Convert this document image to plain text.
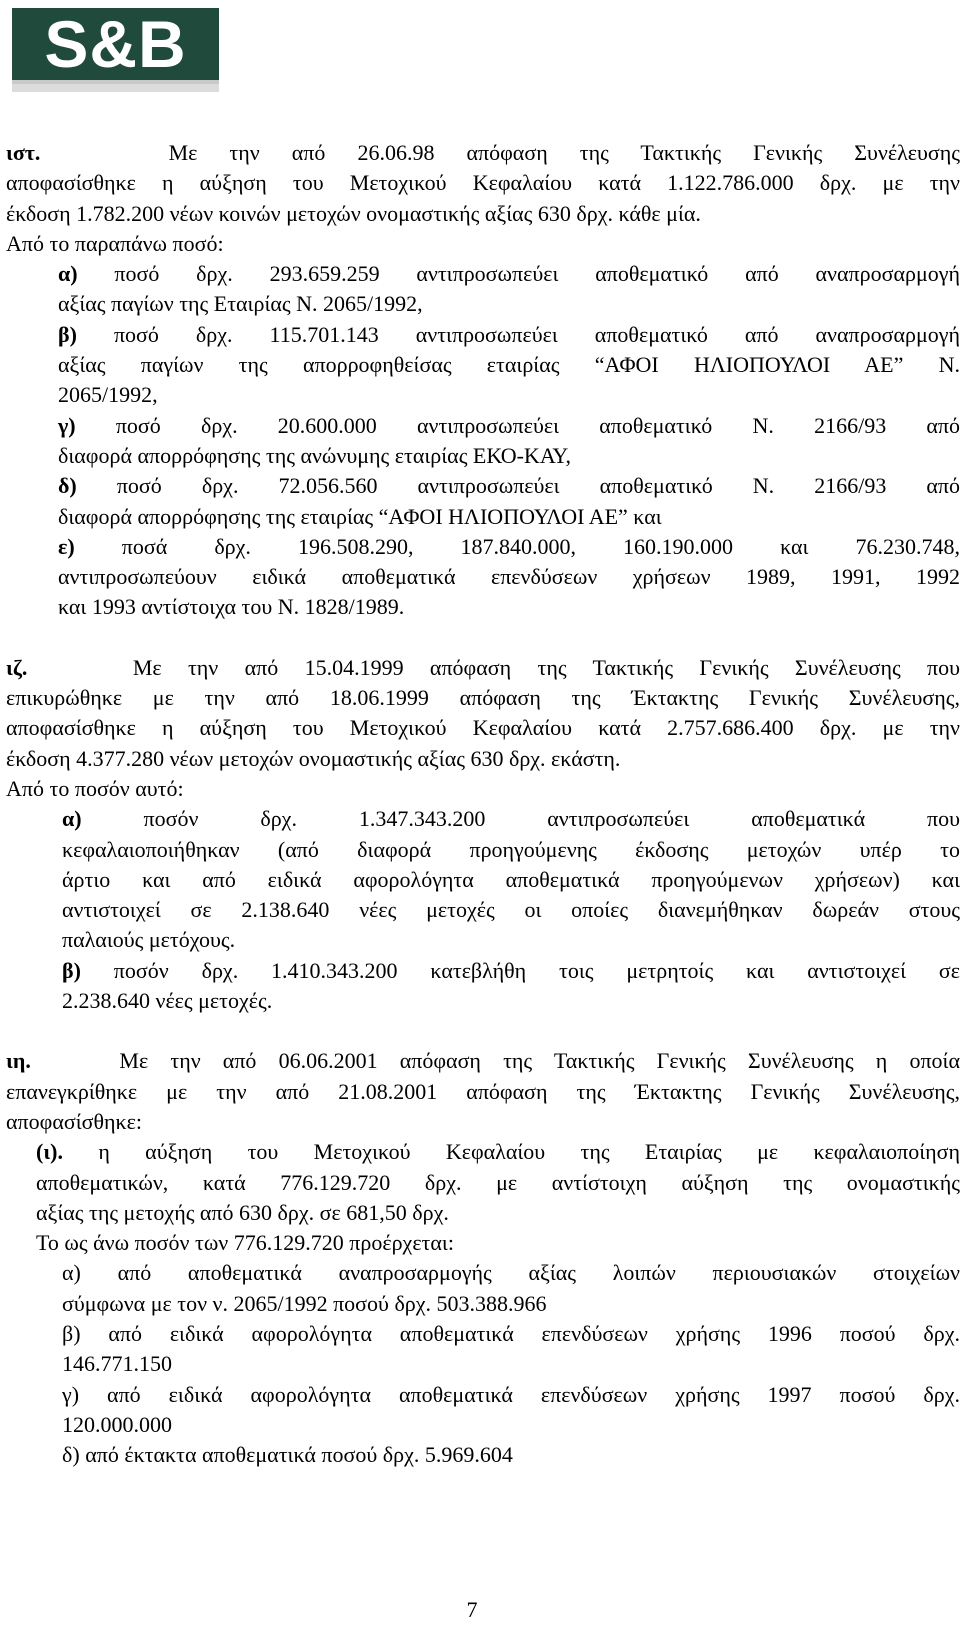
S&B

ιστ.	Με την από 26.06.98 απόφαση της Τακτικής Γενικής Συνέλευσης

αποφασίσθηκε η αύξηση του Μετοχικού Κεφαλαίου κατά 1.122.786.000 δρχ. με την

έκδοση 1.782.200 νέων κοινών μετοχών ονομαστικής αξίας 630 δρχ. κάθε μία.

Από το παραπάνω ποσό:

α) ποσό δρχ. 293.659.259 αντιπροσωπεύει αποθεματικό από αναπροσαρμογή

αξίας παγίων της Εταιρίας Ν. 2065/1992,

β) ποσό δρχ. 115.701.143 αντιπροσωπεύει αποθεματικό από αναπροσαρμογή

αξίας παγίων της απορροφηθείσας εταιρίας “ΑΦΟΙ ΗΛΙΟΠΟΥΛΟΙ ΑΕ” Ν.

2065/1992,

γ) ποσό δρχ. 20.600.000 αντιπροσωπεύει αποθεματικό Ν. 2166/93 από

διαφορά απορρόφησης της ανώνυμης εταιρίας ΕΚΟ-ΚΑΥ,

δ) ποσό δρχ. 72.056.560 αντιπροσωπεύει αποθεματικό Ν. 2166/93 από

διαφορά απορρόφησης της εταιρίας “ΑΦΟΙ ΗΛΙΟΠΟΥΛΟΙ ΑΕ” και

ε) ποσά δρχ. 196.508.290, 187.840.000, 160.190.000 και 76.230.748,

αντιπροσωπεύουν ειδικά αποθεματικά επενδύσεων χρήσεων 1989, 1991, 1992

και 1993 αντίστοιχα του Ν. 1828/1989.

ιζ.	Με την από 15.04.1999 απόφαση της Τακτικής Γενικής Συνέλευσης που

επικυρώθηκε με την από 18.06.1999 απόφαση της Έκτακτης Γενικής Συνέλευσης,

αποφασίσθηκε η αύξηση του Μετοχικού Κεφαλαίου κατά 2.757.686.400 δρχ. με την

έκδοση 4.377.280 νέων μετοχών ονομαστικής αξίας 630 δρχ. εκάστη.

Από το ποσόν αυτό:

α)	ποσόν δρχ. 1.347.343.200 αντιπροσωπεύει αποθεματικά που

κεφαλαιοποιήθηκαν (από διαφορά προηγούμενης έκδοσης μετοχών υπέρ το

άρτιο και από ειδικά αφορολόγητα αποθεματικά προηγούμενων χρήσεων) και

αντιστοιχεί σε 2.138.640 νέες μετοχές οι οποίες διανεμήθηκαν δωρεάν στους

παλαιούς μετόχους.

β) ποσόν δρχ. 1.410.343.200 κατεβλήθη τοις μετρητοίς και αντιστοιχεί σε

2.238.640 νέες μετοχές.

ιη.	Με την από 06.06.2001 απόφαση της Τακτικής Γενικής Συνέλευσης η οποία

επανεγκρίθηκε με την από 21.08.2001 απόφαση της Έκτακτης Γενικής Συνέλευσης,

αποφασίσθηκε:

(ι). η αύξηση του Μετοχικού Κεφαλαίου της Εταιρίας με κεφαλαιοποίηση

αποθεματικών, κατά 776.129.720 δρχ. με αντίστοιχη αύξηση της ονομαστικής

αξίας της μετοχής από 630 δρχ. σε 681,50 δρχ.

Το ως άνω ποσόν των 776.129.720 προέρχεται:

α) από αποθεματικά αναπροσαρμογής αξίας λοιπών περιουσιακών στοιχείων

σύμφωνα με τον ν. 2065/1992 ποσού δρχ. 503.388.966

β) από ειδικά αφορολόγητα αποθεματικά επενδύσεων χρήσης 1996 ποσού δρχ.

146.771.150

γ) από ειδικά αφορολόγητα αποθεματικά επενδύσεων χρήσης 1997 ποσού δρχ.

120.000.000

δ) από έκτακτα αποθεματικά ποσού δρχ. 5.969.604

7
